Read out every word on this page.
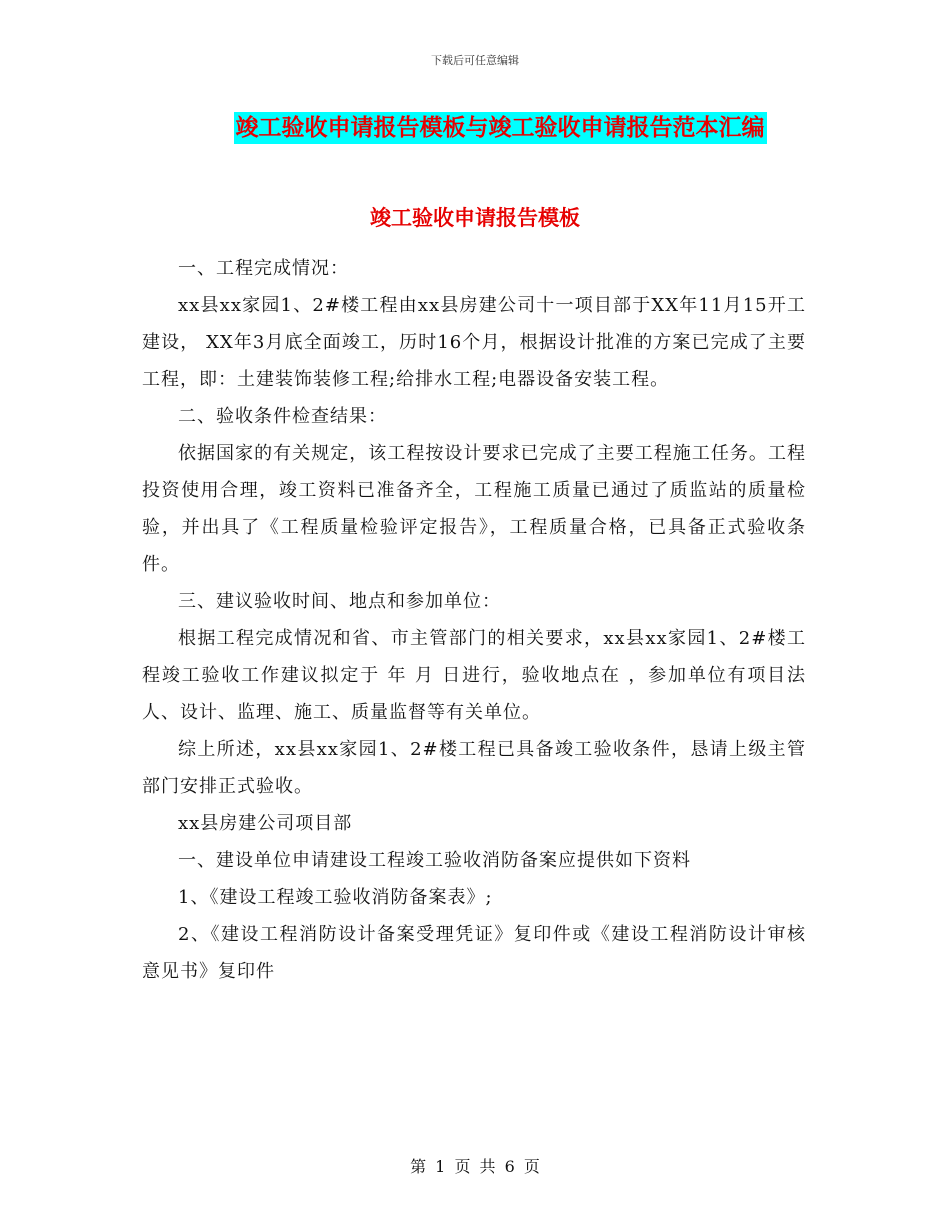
下载后可任意编辑
竣工验收申请报告模板与竣工验收申请报告范本汇编
竣工验收申请报告模板

一、工程完成情况：

xx县xx家园1、2#楼工程由xx县房建公司十一项目部于XX年11月15开工建设， XX年3月底全面竣工，历时16个月，根据设计批准的方案已完成了主要工程，即：土建装饰装修工程;给排水工程;电器设备安装工程。

二、验收条件检查结果：

依据国家的有关规定，该工程按设计要求已完成了主要工程施工任务。工程投资使用合理，竣工资料已准备齐全，工程施工质量已通过了质监站的质量检验，并出具了《工程质量检验评定报告》，工程质量合格，已具备正式验收条件。

三、建议验收时间、地点和参加单位：

根据工程完成情况和省、市主管部门的相关要求，xx县xx家园1、2#楼工程竣工验收工作建议拟定于 年 月 日进行，验收地点在 ，参加单位有项目法人、设计、监理、施工、质量监督等有关单位。

综上所述，xx县xx家园1、2#楼工程已具备竣工验收条件，恳请上级主管部门安排正式验收。

xx县房建公司项目部

一、建设单位申请建设工程竣工验收消防备案应提供如下资料

1、《建设工程竣工验收消防备案表》;

2、《建设工程消防设计备案受理凭证》复印件或《建设工程消防设计审核意见书》复印件

第 1 页 共 6 页
